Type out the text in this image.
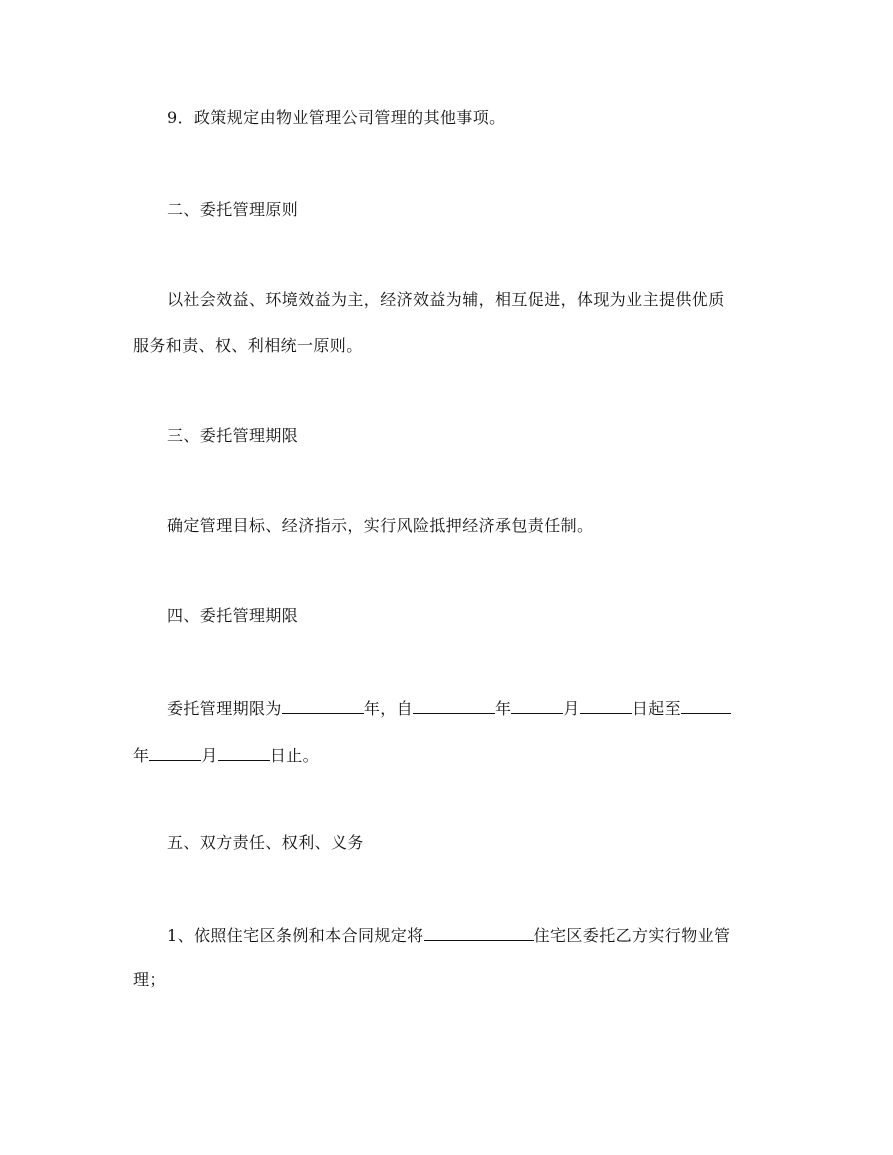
9．政策规定由物业管理公司管理的其他事项。
二、委托管理原则
以社会效益、环境效益为主，经济效益为辅，相互促进，体现为业主提供优质
服务和责、权、利相统一原则。
三、委托管理期限
确定管理目标、经济指示，实行风险抵押经济承包责任制。
四、委托管理期限
委托管理期限为	年，自	年	月	日起至
年	月	日止。
五、双方责任、权利、义务
1、依照住宅区条例和本合同规定将	住宅区委托乙方实行物业管
理；
